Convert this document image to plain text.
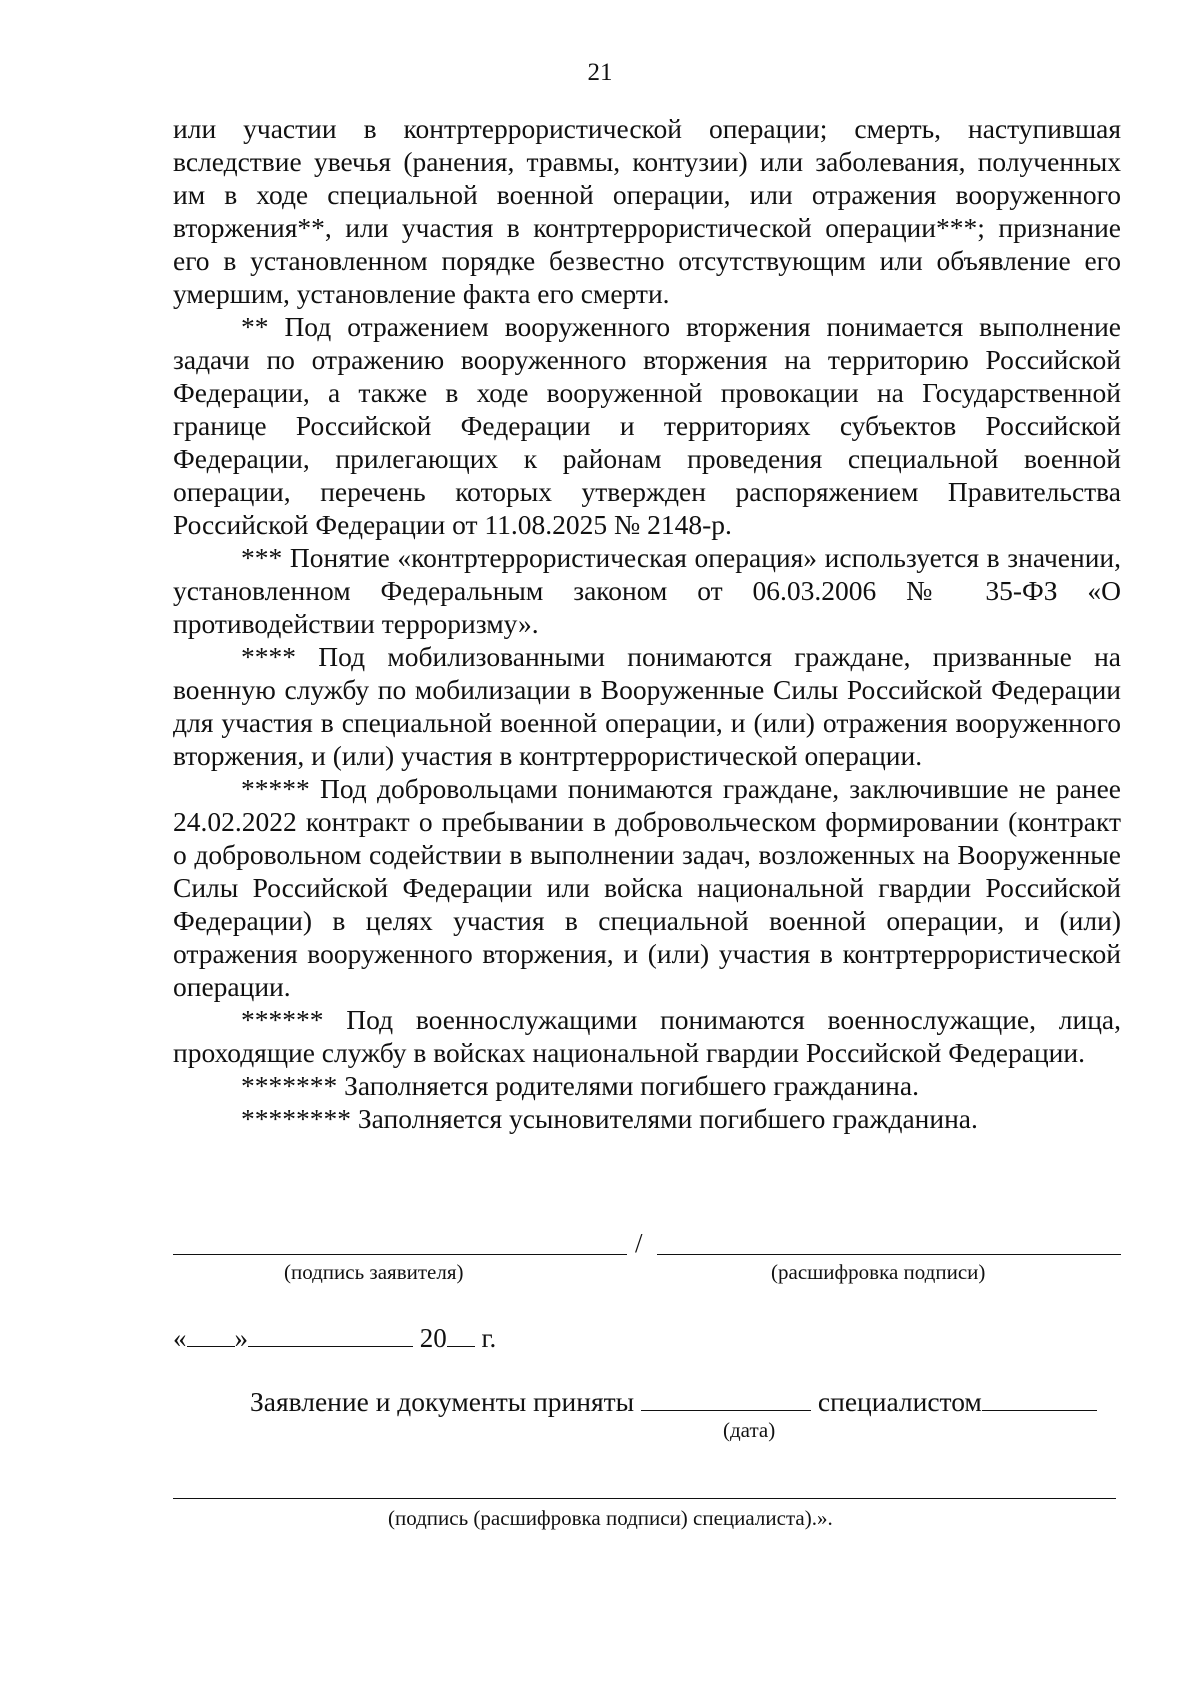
21

или участии в контртеррористической операции; смерть, наступившая вследствие увечья (ранения, травмы, контузии) или заболевания, полученных им в ходе специальной военной операции, или отражения вооруженного вторжения**, или участия в контртеррористической операции***; признание его в установленном порядке безвестно отсутствующим или объявление его умершим, установление факта его смерти.

** Под отражением вооруженного вторжения понимается выполнение задачи по отражению вооруженного вторжения на территорию Российской Федерации, а также в ходе вооруженной провокации на Государственной границе Российской Федерации и территориях субъектов Российской Федерации, прилегающих к районам проведения специальной военной операции, перечень которых утвержден распоряжением Правительства Российской Федерации от 11.08.2025 № 2148-р.

*** Понятие «контртеррористическая операция» используется в значении, установленном Федеральным законом от 06.03.2006 № 35-ФЗ «О противодействии терроризму».

**** Под мобилизованными понимаются граждане, призванные на военную службу по мобилизации в Вооруженные Силы Российской Федерации для участия в специальной военной операции, и (или) отражения вооруженного вторжения, и (или) участия в контртеррористической операции.

***** Под добровольцами понимаются граждане, заключившие не ранее 24.02.2022 контракт о пребывании в добровольческом формировании (контракт о добровольном содействии в выполнении задач, возложенных на Вооруженные Силы Российской Федерации или войска национальной гвардии Российской Федерации) в целях участия в специальной военной операции, и (или) отражения вооруженного вторжения, и (или) участия в контртеррористической операции.

****** Под военнослужащими понимаются военнослужащие, лица, проходящие службу в войсках национальной гвардии Российской Федерации.

******* Заполняется родителями погибшего гражданина.

******** Заполняется усыновителями погибшего гражданина.

/
(подпись заявителя)	(расшифровка подписи)
« »	20 г.
Заявление и документы приняты	специалистом
(дата)
(подпись (расшифровка подписи) специалиста).».
